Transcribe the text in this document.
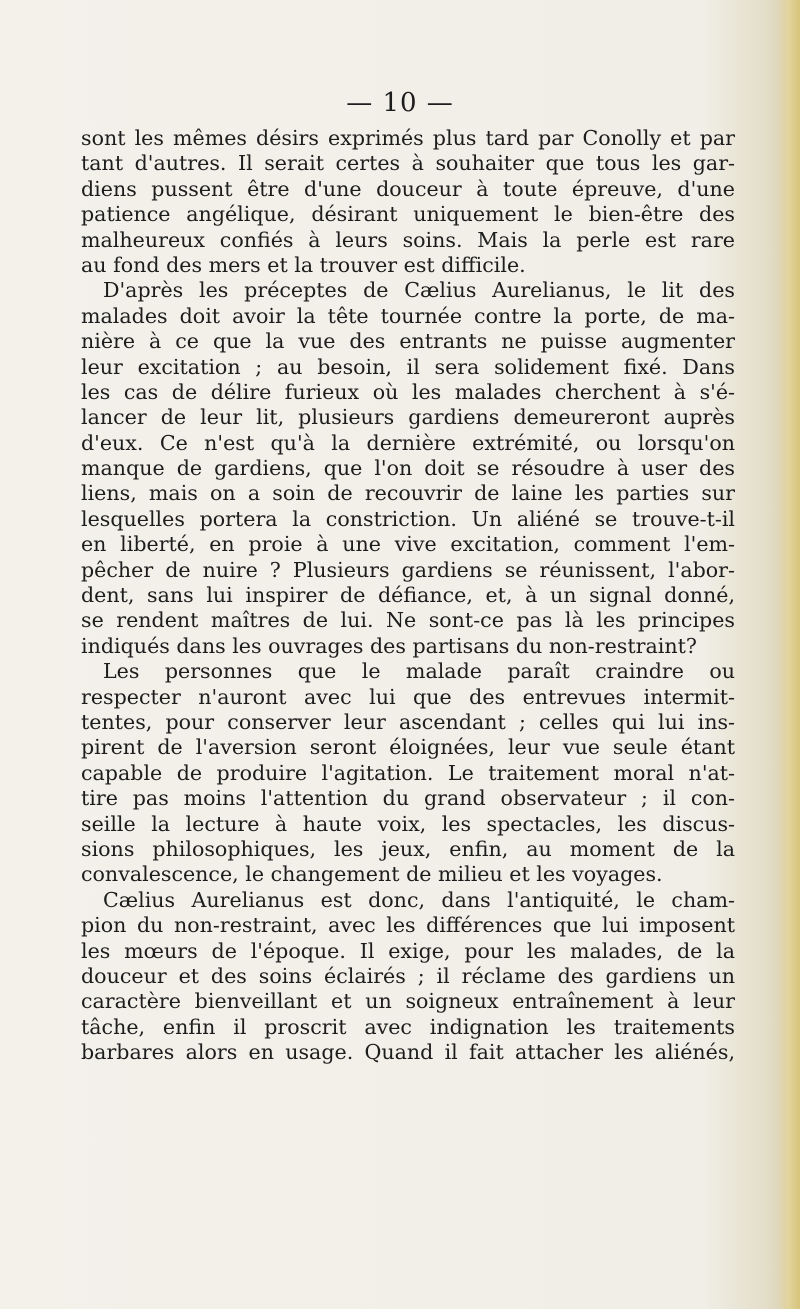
— 10 —
sont les mêmes désirs exprimés plus tard par Conolly et par
tant d'autres. Il serait certes à souhaiter que tous les gar-
diens pussent être d'une douceur à toute épreuve, d'une
patience angélique, désirant uniquement le bien-être des
malheureux confiés à leurs soins. Mais la perle est rare
au fond des mers et la trouver est difficile.
D'après les préceptes de Cælius Aurelianus, le lit des
malades doit avoir la tête tournée contre la porte, de ma-
nière à ce que la vue des entrants ne puisse augmenter
leur excitation ; au besoin, il sera solidement fixé. Dans
les cas de délire furieux où les malades cherchent à s'é-
lancer de leur lit, plusieurs gardiens demeureront auprès
d'eux. Ce n'est qu'à la dernière extrémité, ou lorsqu'on
manque de gardiens, que l'on doit se résoudre à user des
liens, mais on a soin de recouvrir de laine les parties sur
lesquelles portera la constriction. Un aliéné se trouve-t-il
en liberté, en proie à une vive excitation, comment l'em-
pêcher de nuire ? Plusieurs gardiens se réunissent, l'abor-
dent, sans lui inspirer de défiance, et, à un signal donné,
se rendent maîtres de lui. Ne sont-ce pas là les principes
indiqués dans les ouvrages des partisans du non-restraint?
Les personnes que le malade paraît craindre ou
respecter n'auront avec lui que des entrevues intermit-
tentes, pour conserver leur ascendant ; celles qui lui ins-
pirent de l'aversion seront éloignées, leur vue seule étant
capable de produire l'agitation. Le traitement moral n'at-
tire pas moins l'attention du grand observateur ; il con-
seille la lecture à haute voix, les spectacles, les discus-
sions philosophiques, les jeux, enfin, au moment de la
convalescence, le changement de milieu et les voyages.
Cælius Aurelianus est donc, dans l'antiquité, le cham-
pion du non-restraint, avec les différences que lui imposent
les mœurs de l'époque. Il exige, pour les malades, de la
douceur et des soins éclairés ; il réclame des gardiens un
caractère bienveillant et un soigneux entraînement à leur
tâche, enfin il proscrit avec indignation les traitements
barbares alors en usage. Quand il fait attacher les aliénés,
